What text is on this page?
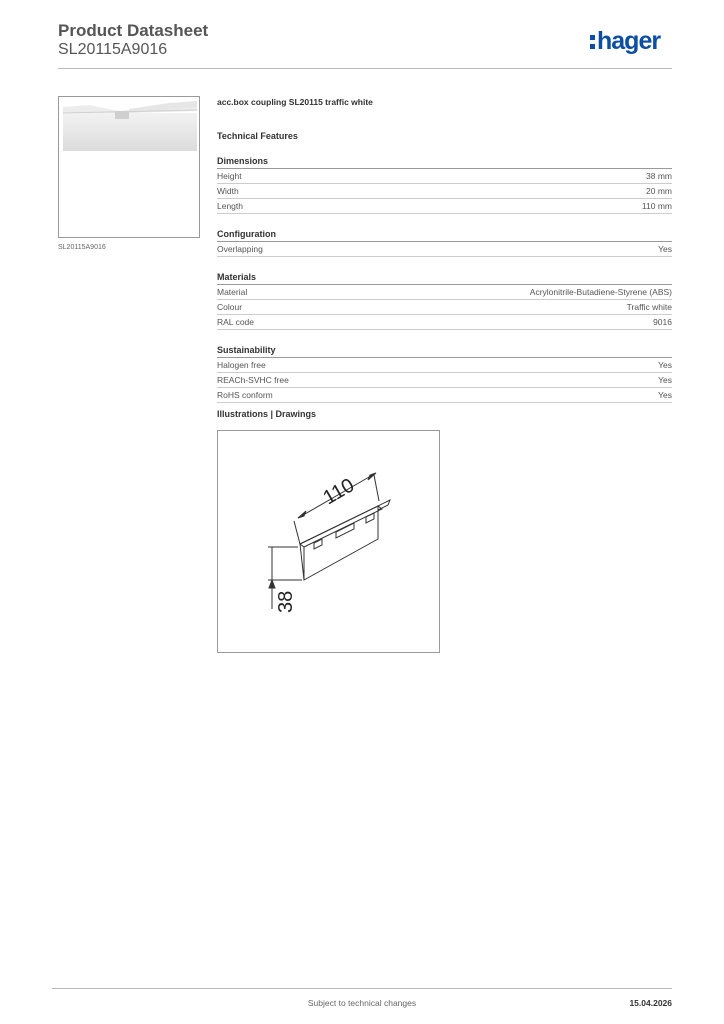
Product Datasheet
SL20115A9016	hager
SL20115A9016
acc.box coupling SL20115 traffic white
Technical Features
Dimensions
Height	38 mm
Width	20 mm
Length	110 mm
Configuration
Overlapping	Yes
Materials
Material	Acrylonitrile-Butadiene-Styrene (ABS)
Colour	Traffic white
RAL code	9016
Sustainability
Halogen free	Yes
REACh-SVHC free	Yes
RoHS conform	Yes
Illustrations | Drawings
110
38
Subject to technical changes	15.04.2026
